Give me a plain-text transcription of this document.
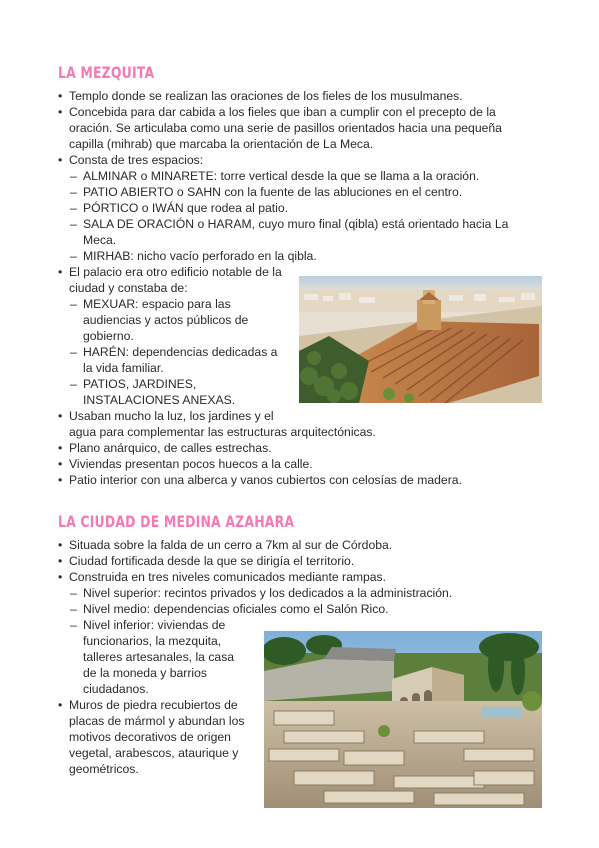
LA MEZQUITA
• Templo donde se realizan las oraciones de los fieles de los musulmanes.
• Concebida para dar cabida a los fieles que iban a cumplir con el precepto de la
oración. Se articulaba como una serie de pasillos orientados hacia una pequeña
capilla (mihrab) que marcaba la orientación de La Meca.
• Consta de tres espacios:
– ALMINAR o MINARETE: torre vertical desde la que se llama a la oración.
– PATIO ABIERTO o SAHN con la fuente de las abluciones en el centro.
– PÓRTICO o IWÁN que rodea al patio.
– SALA DE ORACIÓN o HARAM, cuyo muro final (qibla) está orientado hacia La
Meca.
– MIRHAB: nicho vacío perforado en la qibla.
• El palacio era otro edificio notable de la
ciudad y constaba de:
– MEXUAR: espacio para las
audiencias y actos públicos de
gobierno.
– HARÉN: dependencias dedicadas a
la vida familiar.
– PATIOS, JARDINES,
INSTALACIONES ANEXAS.
• Usaban mucho la luz, los jardines y el
agua para complementar las estructuras arquitectónicas.
• Plano anárquico, de calles estrechas.
• Viviendas presentan pocos huecos a la calle.
• Patio interior con una alberca y vanos cubiertos con celosías de madera.
LA CIUDAD DE MEDINA AZAHARA
• Situada sobre la falda de un cerro a 7km al sur de Córdoba.
• Ciudad fortificada desde la que se dirigía el territorio.
• Construida en tres niveles comunicados mediante rampas.
– Nivel superior: recintos privados y los dedicados a la administración.
– Nivel medio: dependencias oficiales como el Salón Rico.
– Nivel inferior: viviendas de
funcionarios, la mezquita,
talleres artesanales, la casa
de la moneda y barrios
ciudadanos.
• Muros de piedra recubiertos de
placas de mármol y abundan los
motivos decorativos de origen
vegetal, arabescos, ataurique y
geométricos.
